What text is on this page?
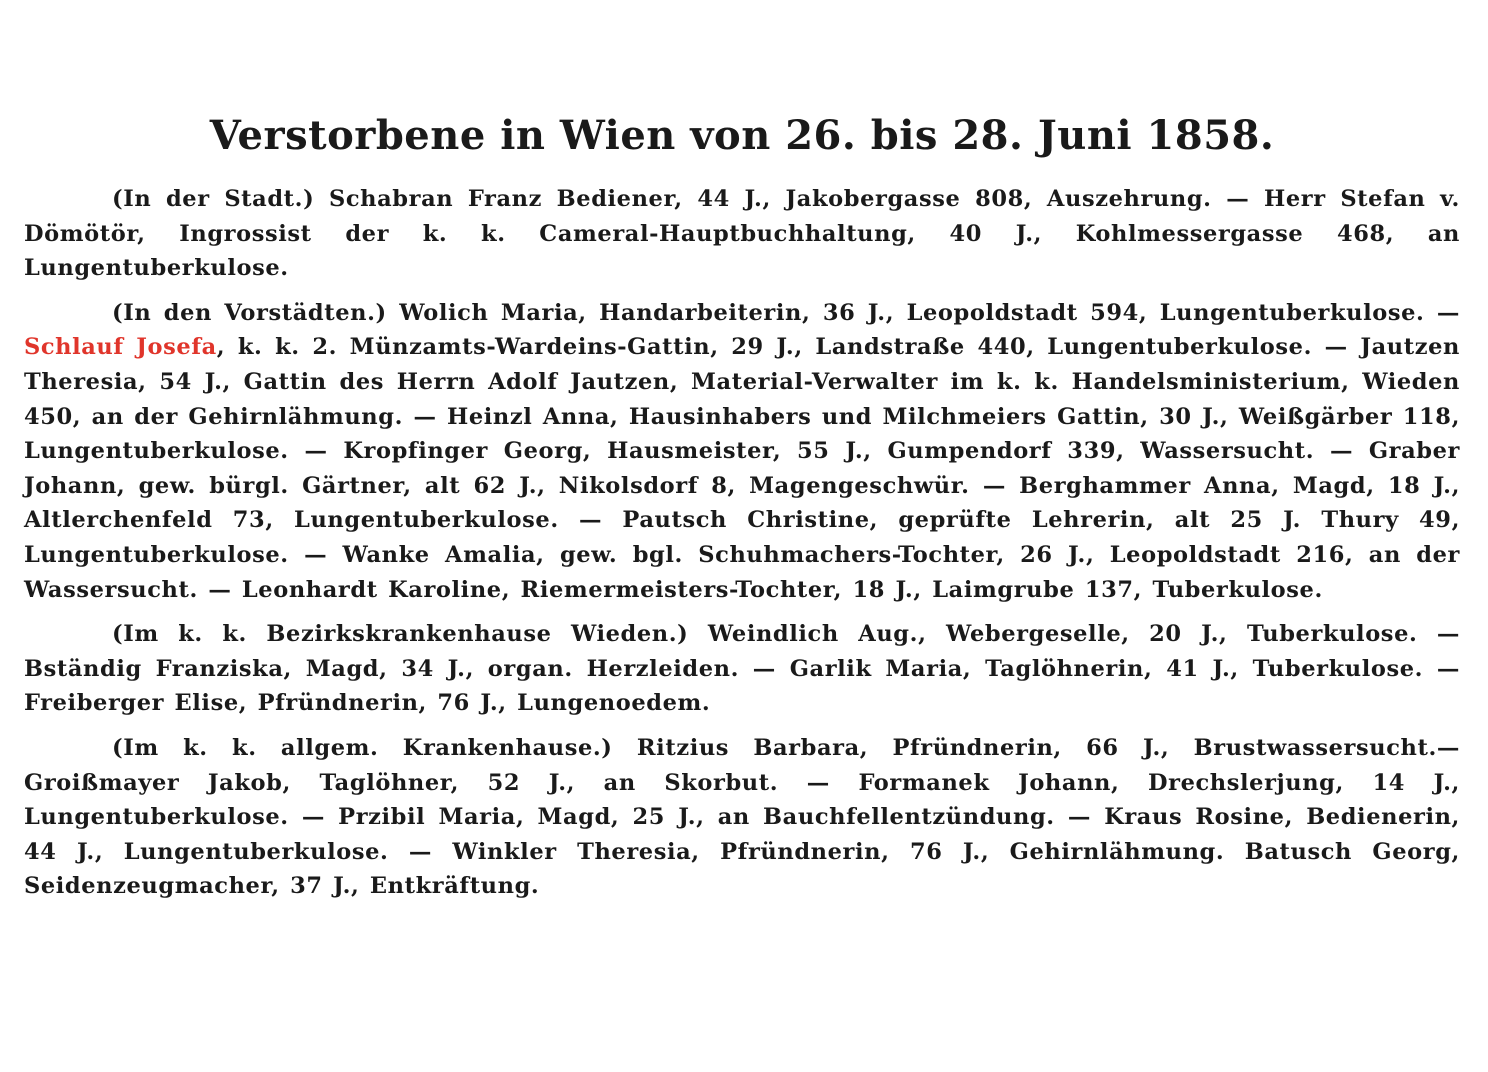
Verstorbene in Wien von 26. bis 28. Juni 1858.

(In der Stadt.) Schabran Franz Bediener, 44 J., Jakobergasse 808, Auszehrung. — Herr Stefan v. Dömötör, Ingrossist der k. k. Cameral-Hauptbuchhaltung, 40 J., Kohlmessergasse 468, an Lungentuberkulose.

(In den Vorstädten.) Wolich Maria, Handarbeiterin, 36 J., Leopoldstadt 594, Lungentuberkulose. — Schlauf Josefa, k. k. 2. Münzamts-Wardeins-Gattin, 29 J., Landstraße 440, Lungentuberkulose. — Jautzen Theresia, 54 J., Gattin des Herrn Adolf Jautzen, Material-Verwalter im k. k. Handelsministerium, Wieden 450, an der Gehirnlähmung. — Heinzl Anna, Hausinhabers und Milchmeiers Gattin, 30 J., Weißgärber 118, Lungentuberkulose. — Kropfinger Georg, Hausmeister, 55 J., Gumpendorf 339, Wassersucht. — Graber Johann, gew. bürgl. Gärtner, alt 62 J., Nikolsdorf 8, Magengeschwür. — Berghammer Anna, Magd, 18 J., Altlerchenfeld 73, Lungentuberkulose. — Pautsch Christine, geprüfte Lehrerin, alt 25 J. Thury 49, Lungentuberkulose. — Wanke Amalia, gew. bgl. Schuhmachers-Tochter, 26 J., Leopoldstadt 216, an der Wassersucht. — Leonhardt Karoline, Riemermeisters-Tochter, 18 J., Laimgrube 137, Tuberkulose.

(Im k. k. Bezirkskrankenhause Wieden.) Weindlich Aug., Webergeselle, 20 J., Tuberkulose. — Bständig Franziska, Magd, 34 J., organ. Herzleiden. — Garlik Maria, Taglöhnerin, 41 J., Tuberkulose. — Freiberger Elise, Pfründnerin, 76 J., Lungenoedem.

(Im k. k. allgem. Krankenhause.) Ritzius Barbara, Pfründnerin, 66 J., Brustwassersucht.— Groißmayer Jakob, Taglöhner, 52 J., an Skorbut. — Formanek Johann, Drechslerjung, 14 J., Lungentuberkulose. — Przibil Maria, Magd, 25 J., an Bauchfellentzündung. — Kraus Rosine, Bedienerin, 44 J., Lungentuberkulose. — Winkler Theresia, Pfründnerin, 76 J., Gehirnlähmung. Batusch Georg, Seidenzeugmacher, 37 J., Entkräftung.
